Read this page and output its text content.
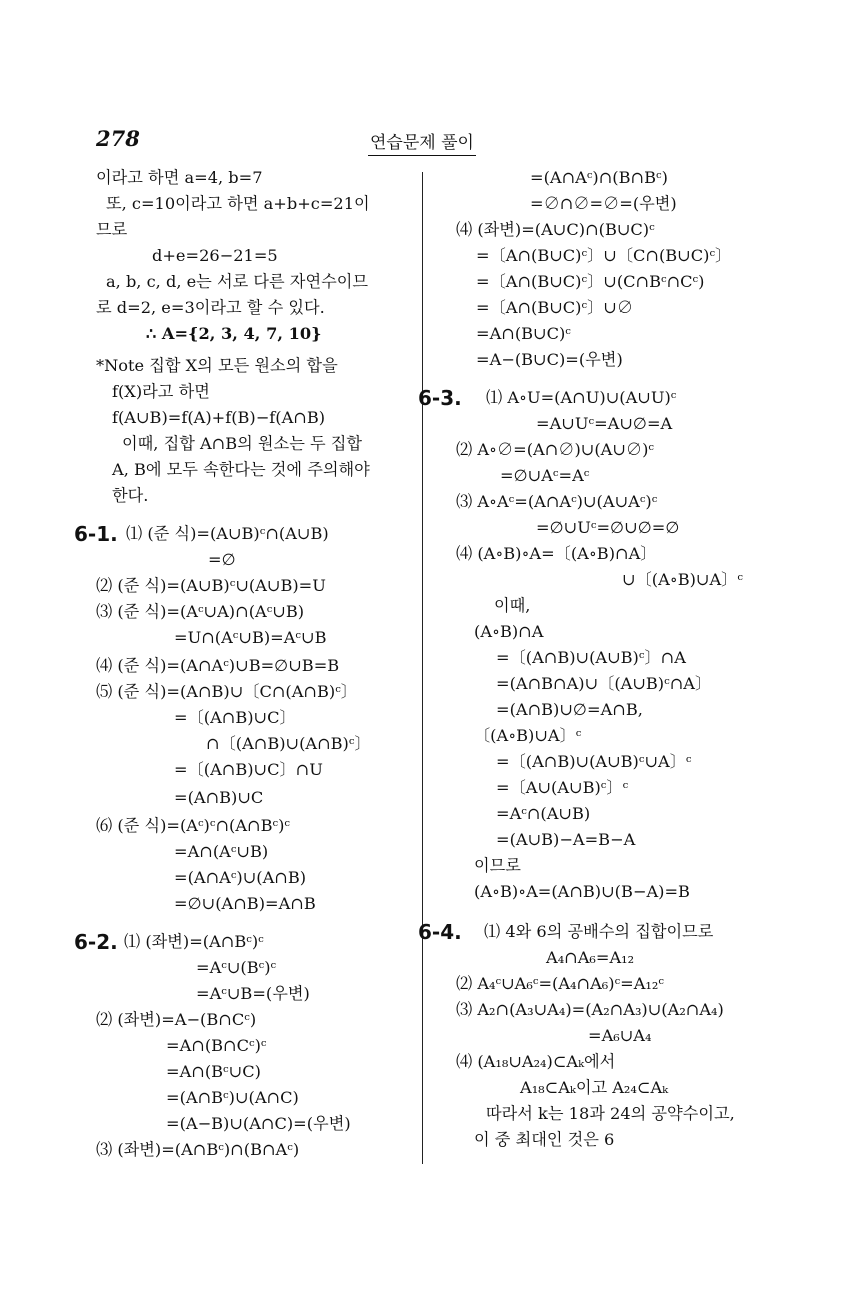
278	연습문제 풀이
이라고 하면 a=4, b=7
또, c=10이라고 하면 a+b+c=21이
므로
d+e=26−21=5
a, b, c, d, e는 서로 다른 자연수이므
로 d=2, e=3이라고 할 수 있다.
∴ A={2, 3, 4, 7, 10}
*Note 집합 X의 모든 원소의 합을
f(X)라고 하면
f(A∪B)=f(A)+f(B)−f(A∩B)
이때, 집합 A∩B의 원소는 두 집합
A, B에 모두 속한다는 것에 주의해야
한다.
⑴ (준 식)=(A∪B)ᶜ∩(A∪B)
=∅
⑵ (준 식)=(A∪B)ᶜ∪(A∪B)=U
⑶ (준 식)=(Aᶜ∪A)∩(Aᶜ∪B)
=U∩(Aᶜ∪B)=Aᶜ∪B
⑷ (준 식)=(A∩Aᶜ)∪B=∅∪B=B
⑸ (준 식)=(A∩B)∪〔C∩(A∩B)ᶜ〕
=〔(A∩B)∪C〕
∩〔(A∩B)∪(A∩B)ᶜ〕
=〔(A∩B)∪C〕∩U
=(A∩B)∪C
⑹ (준 식)=(Aᶜ)ᶜ∩(A∩Bᶜ)ᶜ
=A∩(Aᶜ∪B)
=(A∩Aᶜ)∪(A∩B)
=∅∪(A∩B)=A∩B
⑴ (좌변)=(A∩Bᶜ)ᶜ
=Aᶜ∪(Bᶜ)ᶜ
=Aᶜ∪B=(우변)
⑵ (좌변)=A−(B∩Cᶜ)
=A∩(B∩Cᶜ)ᶜ
=A∩(Bᶜ∪C)
=(A∩Bᶜ)∪(A∩C)
=(A−B)∪(A∩C)=(우변)
⑶ (좌변)=(A∩Bᶜ)∩(B∩Aᶜ)
6-1.
6-2.
=(A∩Aᶜ)∩(B∩Bᶜ)
=∅∩∅=∅=(우변)
⑷ (좌변)=(A∪C)∩(B∪C)ᶜ
=〔A∩(B∪C)ᶜ〕∪〔C∩(B∪C)ᶜ〕
=〔A∩(B∪C)ᶜ〕∪(C∩Bᶜ∩Cᶜ)
=〔A∩(B∪C)ᶜ〕∪∅
=A∩(B∪C)ᶜ
=A−(B∪C)=(우변)
⑴ A∘U=(A∩U)∪(A∪U)ᶜ
=A∪Uᶜ=A∪∅=A
⑵ A∘∅=(A∩∅)∪(A∪∅)ᶜ
=∅∪Aᶜ=Aᶜ
⑶ A∘Aᶜ=(A∩Aᶜ)∪(A∪Aᶜ)ᶜ
=∅∪Uᶜ=∅∪∅=∅
⑷ (A∘B)∘A=〔(A∘B)∩A〕
∪〔(A∘B)∪A〕ᶜ
이때,
(A∘B)∩A
=〔(A∩B)∪(A∪B)ᶜ〕∩A
=(A∩B∩A)∪〔(A∪B)ᶜ∩A〕
=(A∩B)∪∅=A∩B,
〔(A∘B)∪A〕ᶜ
=〔(A∩B)∪(A∪B)ᶜ∪A〕ᶜ
=〔A∪(A∪B)ᶜ〕ᶜ
=Aᶜ∩(A∪B)
=(A∪B)−A=B−A
이므로
(A∘B)∘A=(A∩B)∪(B−A)=B
⑴ 4와 6의 공배수의 집합이므로
A₄∩A₆=A₁₂
⑵ A₄ᶜ∪A₆ᶜ=(A₄∩A₆)ᶜ=A₁₂ᶜ
⑶ A₂∩(A₃∪A₄)=(A₂∩A₃)∪(A₂∩A₄)
=A₆∪A₄
⑷ (A₁₈∪A₂₄)⊂Aₖ에서
A₁₈⊂Aₖ이고 A₂₄⊂Aₖ
따라서 k는 18과 24의 공약수이고,
이 중 최대인 것은 6
6-3.
6-4.
